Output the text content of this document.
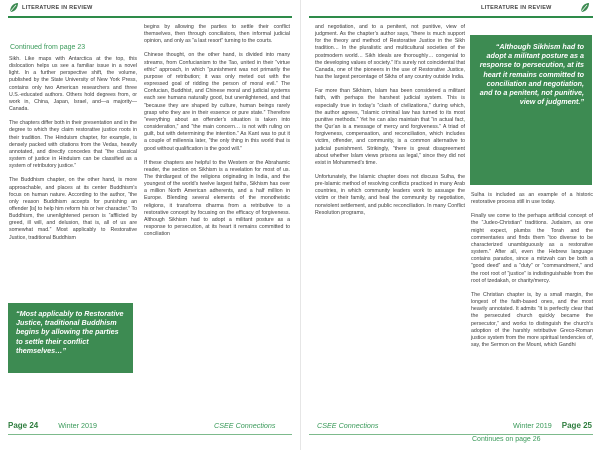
LITERATURE IN REVIEW
Continued from page 23

Sikh. Like maps with Antarctica at the top, this dislocation helps us see a familiar issue in a novel light. In a further perspective shift, the volume, published by the State University of New York Press, contains only two American researchers and three U.S.-educated authors. Others hold degrees from, or work in, China, Japan, Israel, and—a majority—Canada.

The chapters differ both in their presentation and in the degree to which they claim restorative justice roots in their tradition. The Hinduism chapter, for example, is densely packed with citations from the Vedas, heavily annotated, and directly concedes that “the classical system of justice in Hinduism can be classified as a system of retributory justice.”

The Buddhism chapter, on the other hand, is more approachable, and places at its center Buddhism’s focus on human nature. According to the author, “the only reason Buddhism accepts for punishing an offender [is] to help him reform his or her character.” To Buddhism, the unenlightened person is “afflicted by greed, ill will, and delusion, that is, all of us are somewhat mad.” Most applicably to Restorative Justice, traditional Buddhism

“Most applicably to Restorative Justice, traditional Buddhism begins by allowing the parties to settle their conflict themselves…”

begins by allowing the parties to settle their conflict themselves, then through conciliators, then informal judicial opinion, and only as “a last resort” turning to the courts.

Chinese thought, on the other hand, is divided into many streams, from Confucianism to the Tao, united in their “virtue ethic” approach, in which “punishment was not primarily the purpose of retribution; it was only meted out with the expressed goal of ridding the person of moral evil.” The Confucian, Buddhist, and Chinese moral and judicial systems each see humans naturally good, but unenlightened, and that “because they are shaped by culture, human beings rarely grasp who they are in their essence or pure state.” Therefore “everything about an offender’s situation is taken into consideration,” and “the main concern… is not with ruling on guilt, but with determining the intention.” As Kant was to put it a couple of millennia later, “the only thing in this world that is good without qualification is the good will.”

If these chapters are helpful to the Western or the Abrahamic reader, the section on Sikhism is a revelation for most of us. The thirdlargest of the religions originating in India, and the youngest of the world’s twelve largest faiths, Sikhism has over a million North American adherents, and a half million in Europe. Blending several elements of the monotheistic religions, it transforms dharma from a retributive to a restorative concept by focusing on the efficacy of forgiveness. Although Sikhism had to adopt a militant posture as a response to persecution, at its heart it remains committed to conciliation

Page 24	Winter 2019	CSEE Connections
LITERATURE IN REVIEW

and negotiation, and to a penitent, not punitive, view of judgment. As the chapter’s author says, “there is much support for the theory and method of Restorative Justice in the Sikh tradition… In the pluralistic and multicultural societies of the postmodern world… Sikh ideals are thoroughly… congenial to the developing values of society.” It’s surely not coincidental that Canada, one of the pioneers in the use of Restorative Justice, has the largest percentage of Sikhs of any country outside India.

Far more than Sikhism, Islam has been considered a militant faith, with perhaps the harshest judicial system. This is especially true in today’s “clash of civilizations,” during which, the author agrees, “Islamic criminal law has turned to its most punitive methods.” Yet he can also maintain that “in actual fact, the Qur’an is a message of mercy and forgiveness.” A triad of forgiveness, compensation, and reconciliation, which includes victim, offender, and community, is a common alternative to judicial punishment. Strikingly, “there is great disagreement about whether Islam views prisons as legal,” since they did not exist in Mohammed’s time.

Unfortunately, the Islamic chapter does not discuss Sulha, the pre-Islamic method of resolving conflicts practiced in many Arab countries, in which community leaders work to assuage the victim or their family, and heal the community by negotiation, nonviolent settlement, and public reconciliation. In many Conflict Resolution programs,

Sulha is included as an example of a historic restorative process still in use today.

Finally we come to the perhaps artificial concept of the “Judeo-Christian” traditions. Judaism, as one might expect, plumbs the Torah and the commentaries and finds them “too diverse to be characterized unambiguously as a restorative system.” After all, even the Hebrew language contains paradox, since a mitzvah can be both a “good deed” and a “duty” or “commandment,” and the root root of “justice” is indistinguishable from the root of tzedakah, or charity/mercy.

The Christian chapter is, by a small margin, the longest of the faith-based ones, and the most heavily annotated. It admits “it is perfectly clear that the persecuted church quickly became the persecutor,” and works to distinguish the church’s adoption of the harshly retributive Greco-Roman justice system from the more spiritual tendencies of, say, the Sermon on the Mount, which Gandhi

CSEE Connections	Winter 2019 Page 25
“Although Sikhism had to adopt a militant posture as a response to persecution, at its heart it remains committed to conciliation and negotiation, and to a penitent, not punitive, view of judgment.”
Continues on page 26
